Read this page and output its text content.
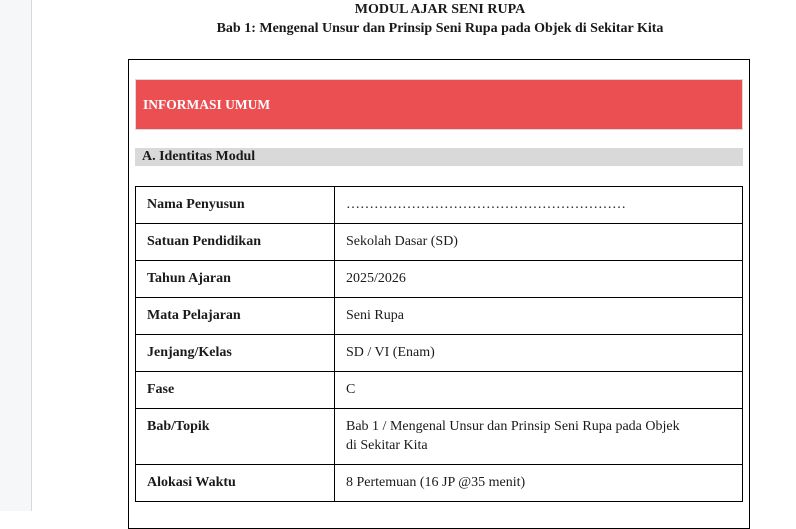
MODUL AJAR SENI RUPA
Bab 1: Mengenal Unsur dan Prinsip Seni Rupa pada Objek di Sekitar Kita
INFORMASI UMUM
A. Identitas Modul
Nama Penyusun	……………………………………………………
Satuan Pendidikan	Sekolah Dasar (SD)
Tahun Ajaran	2025/2026
Mata Pelajaran	Seni Rupa
Jenjang/Kelas	SD / VI (Enam)
Fase	C
Bab/Topik	Bab 1 / Mengenal Unsur dan Prinsip Seni Rupa pada Objek
di Sekitar Kita

Alokasi Waktu	8 Pertemuan (16 JP @35 menit)
